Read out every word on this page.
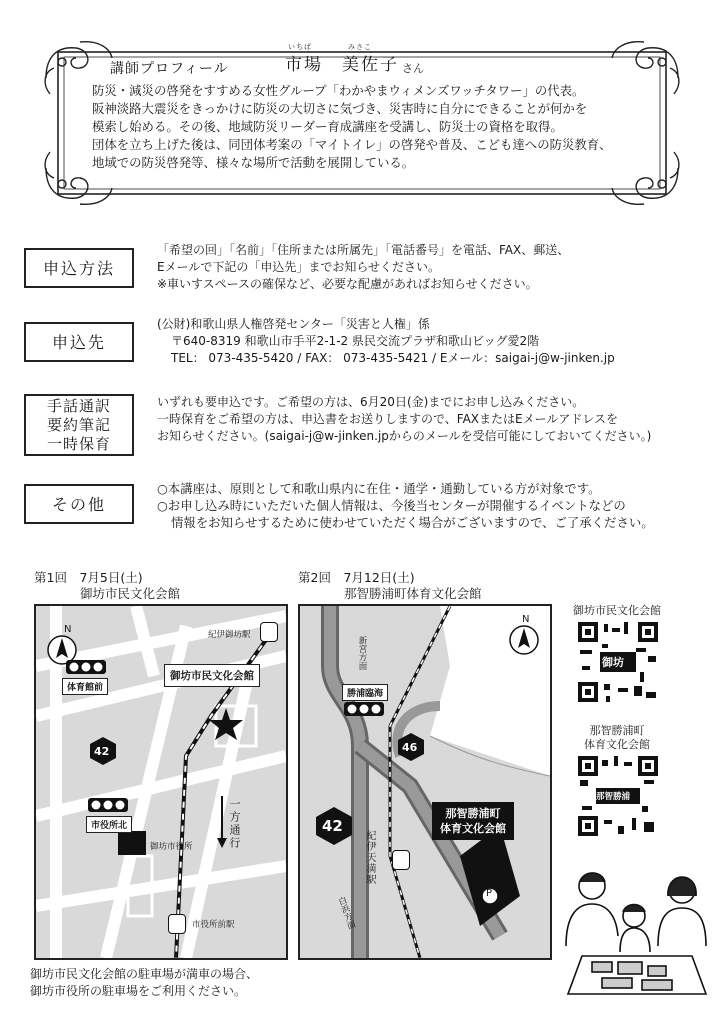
講師プロフィール
いちば	みさこ
市場　美佐子 さん
防災・減災の啓発をすすめる女性グループ「わかやまウィメンズワッチタワー」の代表。
阪神淡路大震災をきっかけに防災の大切さに気づき、災害時に自分にできることが何かを
模索し始める。その後、地域防災リーダー育成講座を受講し、防災士の資格を取得。
団体を立ち上げた後は、同団体考案の「マイトイレ」の啓発や普及、こども達への防災教育、
地域での防災啓発等、様々な場所で活動を展開している。
申込方法
「希望の回」「名前」「住所または所属先」「電話番号」を電話、FAX、郵送、
Eメールで下記の「申込先」までお知らせください。
※車いすスペースの確保など、必要な配慮があればお知らせください。
申込先
(公財)和歌山県人権啓発センター「災害と人権」係
〒640-8319 和歌山市手平2-1-2 県民交流プラザ和歌山ビッグ愛2階
TEL： 073-435-5420 / FAX： 073-435-5421 / Eメール：saigai-j@w-jinken.jp
手話通訳
要約筆記
一時保育
いずれも要申込です。ご希望の方は、6月20日(金)までにお申し込みください。
一時保育をご希望の方は、申込書をお送りしますので、FAXまたはEメールアドレスを
お知らせください。(saigai-j@w-jinken.jpからのメールを受信可能にしておいてください。)
その他
○本講座は、原則として和歌山県内に在住・通学・通勤している方が対象です。
○お申し込み時にいただいた個人情報は、今後当センターが開催するイベントなどの
情報をお知らせするために使わせていただく場合がございますので、ご了承ください。
第1回　7月5日(土)
御坊市民文化会館
N
体育館前
紀伊御坊駅
御坊市民文化会館
42
市役所北
御坊市役所	一方通行
市役所前駅
第2回　7月12日(土)
那智勝浦町体育文化会館
新宮方面
N
勝浦臨海
46
42
那智勝浦町
体育文化会館
紀伊天満駅
P
白浜方面
御坊市民文化会館
御坊
那智勝浦町
体育文化会館
那智勝浦
御坊市民文化会館の駐車場が満車の場合、
御坊市役所の駐車場をご利用ください。
